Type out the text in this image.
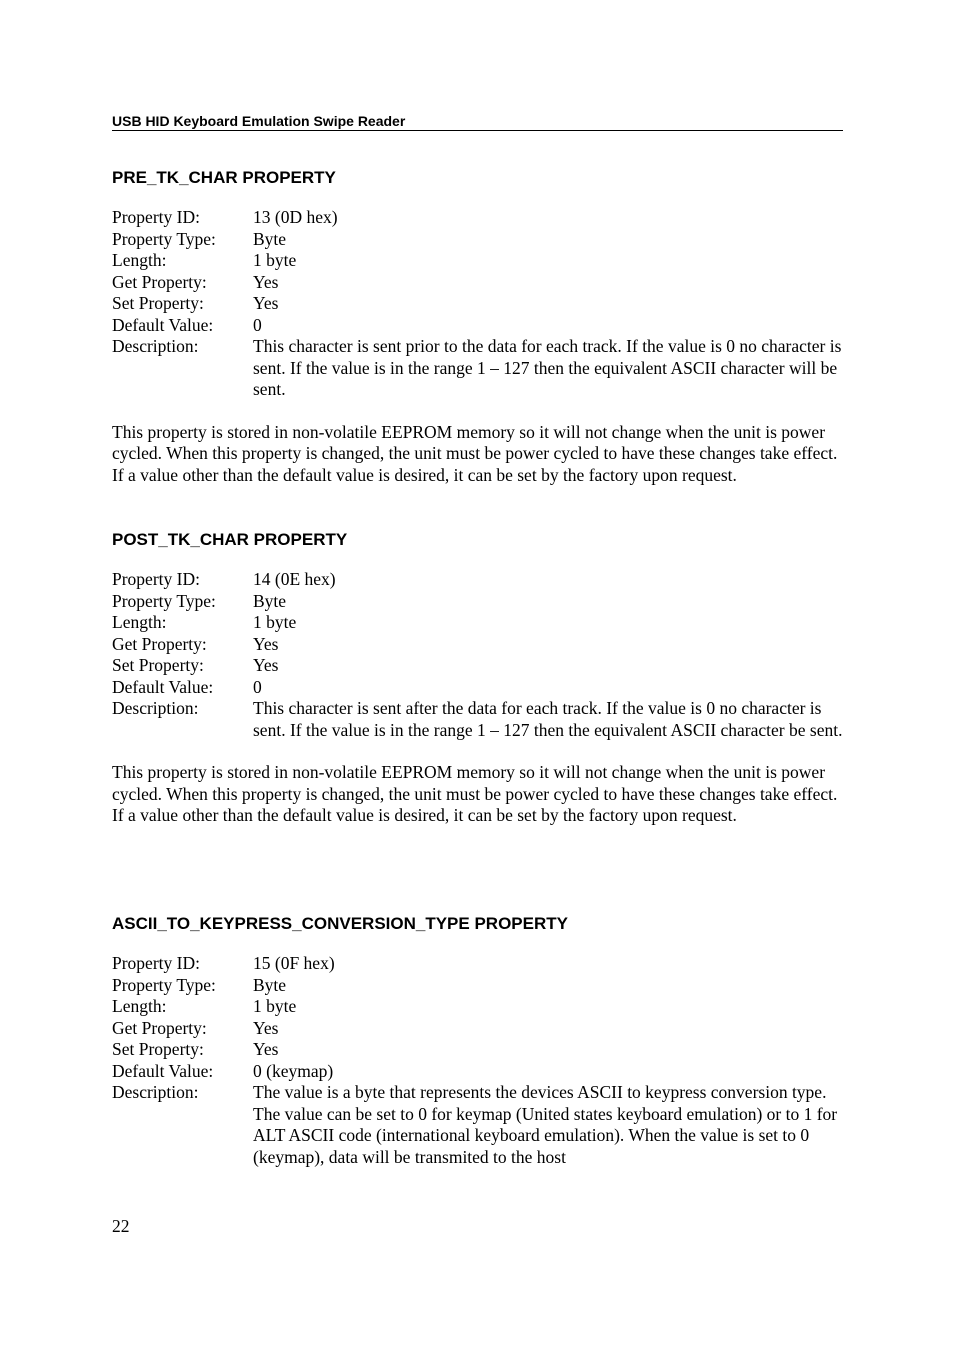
USB HID Keyboard Emulation Swipe Reader
PRE_TK_CHAR PROPERTY
Property ID:	13 (0D hex)
Property Type:	Byte
Length:	1 byte
Get Property:	Yes
Set Property:	Yes
Default Value:	0
Description:	This character is sent prior to the data for each track. If the value is 0 no character is sent. If the value is in the range 1 – 127 then the equivalent ASCII character will be sent.
This property is stored in non-volatile EEPROM memory so it will not change when the unit is power cycled. When this property is changed, the unit must be power cycled to have these changes take effect. If a value other than the default value is desired, it can be set by the factory upon request.
POST_TK_CHAR PROPERTY
Property ID:	14 (0E hex)
Property Type:	Byte
Length:	1 byte
Get Property:	Yes
Set Property:	Yes
Default Value:	0
Description:	This character is sent after the data for each track. If the value is 0 no character is sent. If the value is in the range 1 – 127 then the equivalent ASCII character be sent.
This property is stored in non-volatile EEPROM memory so it will not change when the unit is power cycled. When this property is changed, the unit must be power cycled to have these changes take effect. If a value other than the default value is desired, it can be set by the factory upon request.
ASCII_TO_KEYPRESS_CONVERSION_TYPE PROPERTY
Property ID:	15 (0F hex)
Property Type:	Byte
Length:	1 byte
Get Property:	Yes
Set Property:	Yes
Default Value:	0 (keymap)
Description:	The value is a byte that represents the devices ASCII to keypress conversion type. The value can be set to 0 for keymap (United states keyboard emulation) or to 1 for ALT ASCII code (international keyboard emulation). When the value is set to 0 (keymap), data will be transmited to the host
22
